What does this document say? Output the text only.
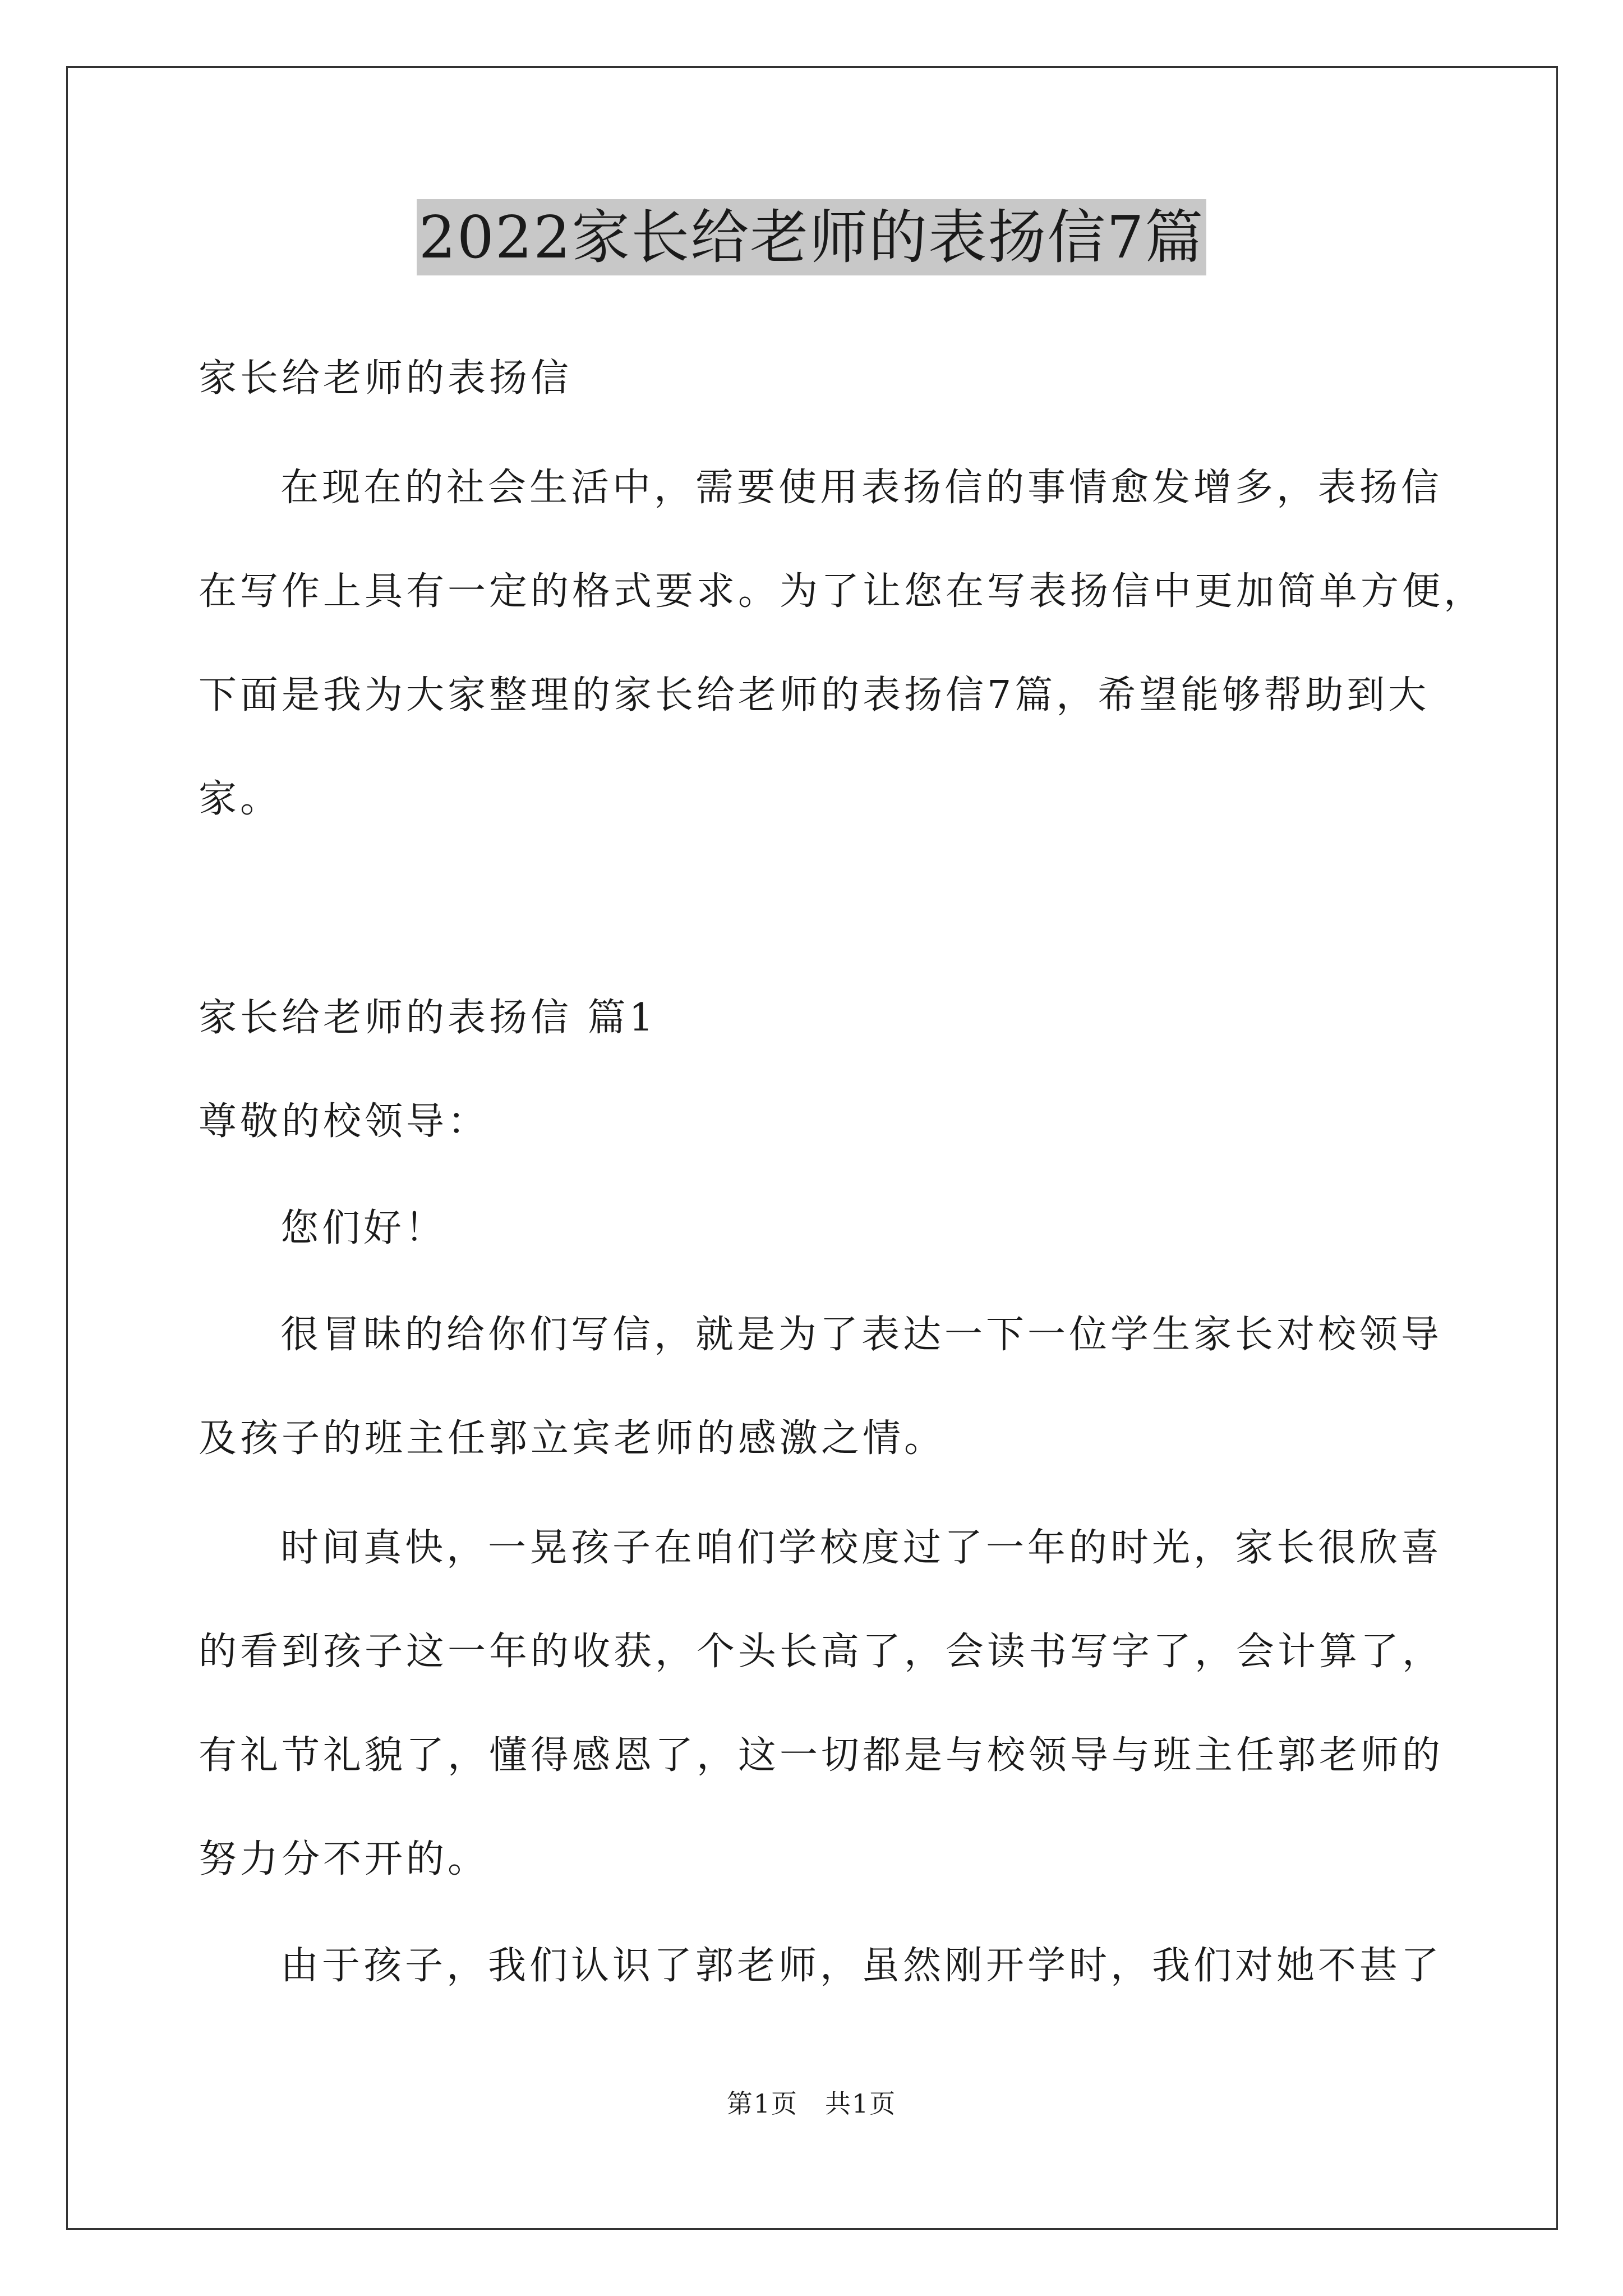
2022家长给老师的表扬信7篇
家长给老师的表扬信
在现在的社会生活中，需要使用表扬信的事情愈发增多，表扬信
在写作上具有一定的格式要求。为了让您在写表扬信中更加简单方便，
下面是我为大家整理的家长给老师的表扬信7篇，希望能够帮助到大
家。
家长给老师的表扬信 篇1
尊敬的校领导：
您们好！
很冒昧的给你们写信，就是为了表达一下一位学生家长对校领导
及孩子的班主任郭立宾老师的感激之情。
时间真快，一晃孩子在咱们学校度过了一年的时光，家长很欣喜
的看到孩子这一年的收获，个头长高了，会读书写字了，会计算了，
有礼节礼貌了，懂得感恩了，这一切都是与校领导与班主任郭老师的
努力分不开的。
由于孩子，我们认识了郭老师，虽然刚开学时，我们对她不甚了
第1页　共1页
